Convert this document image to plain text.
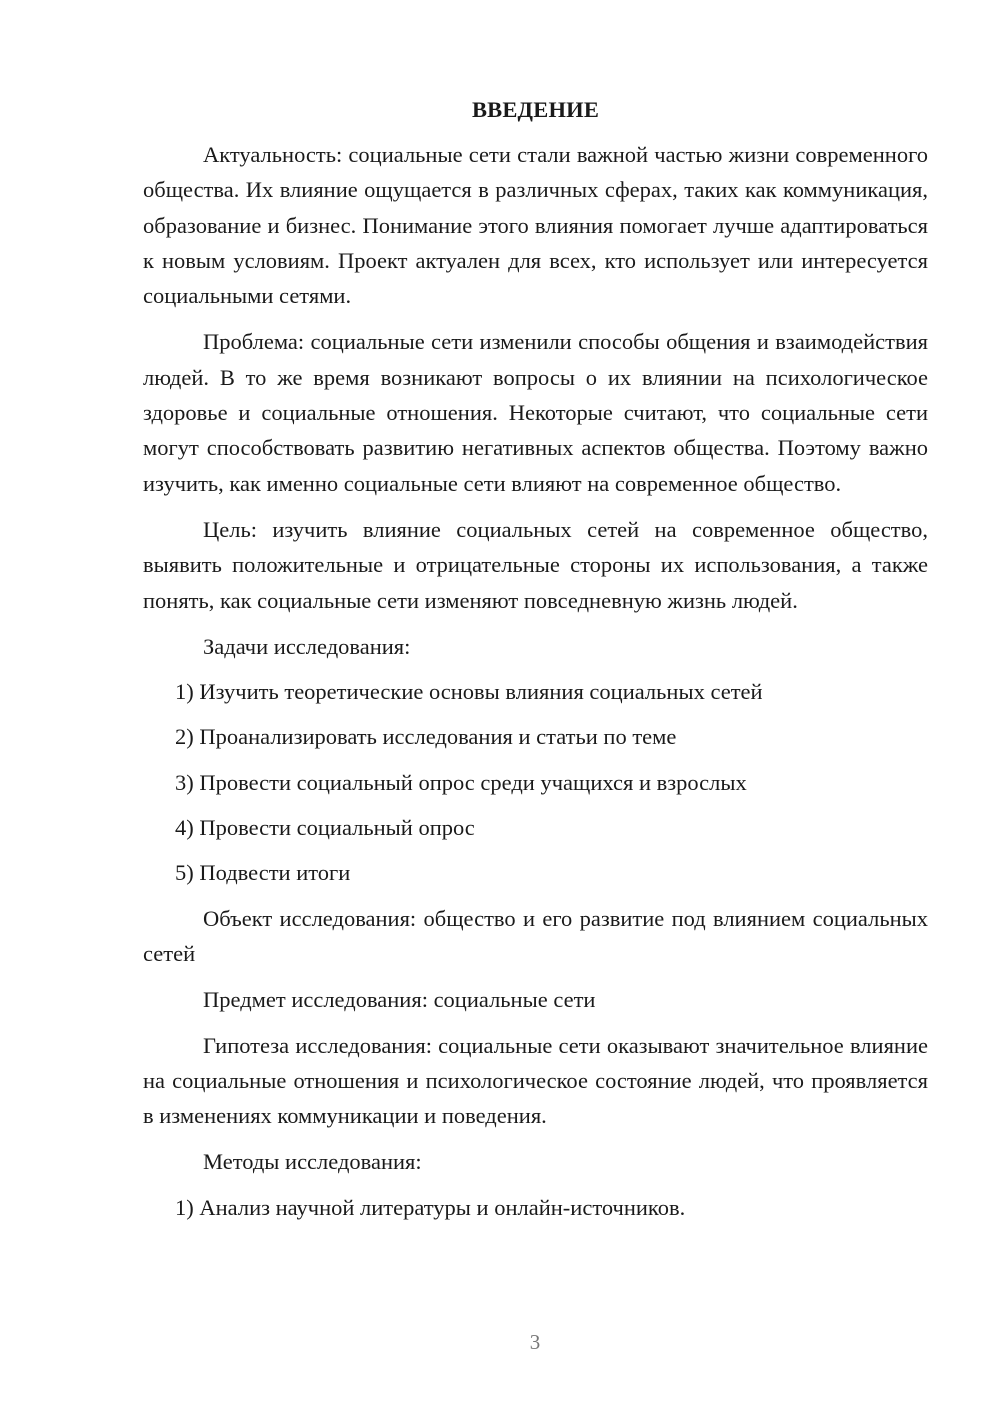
ВВЕДЕНИЕ

Актуальность: социальные сети стали важной частью жизни современного общества. Их влияние ощущается в различных сферах, таких как коммуникация, образование и бизнес. Понимание этого влияния помогает лучше адаптироваться к новым условиям. Проект актуален для всех, кто использует или интересуется социальными сетями.

Проблема: социальные сети изменили способы общения и взаимодействия людей. В то же время возникают вопросы о их влиянии на психологическое здоровье и социальные отношения. Некоторые считают, что социальные сети могут способствовать развитию негативных аспектов общества. Поэтому важно изучить, как именно социальные сети влияют на современное общество.

Цель: изучить влияние социальных сетей на современное общество, выявить положительные и отрицательные стороны их использования, а также понять, как социальные сети изменяют повседневную жизнь людей.

Задачи исследования:

1) Изучить теоретические основы влияния социальных сетей

2) Проанализировать исследования и статьи по теме

3) Провести социальный опрос среди учащихся и взрослых

4) Провести социальный опрос

5) Подвести итоги

Объект исследования: общество и его развитие под влиянием социальных сетей

Предмет исследования: социальные сети

Гипотеза исследования: социальные сети оказывают значительное влияние на социальные отношения и психологическое состояние людей, что проявляется в изменениях коммуникации и поведения.

Методы исследования:

1) Анализ научной литературы и онлайн-источников.

3
